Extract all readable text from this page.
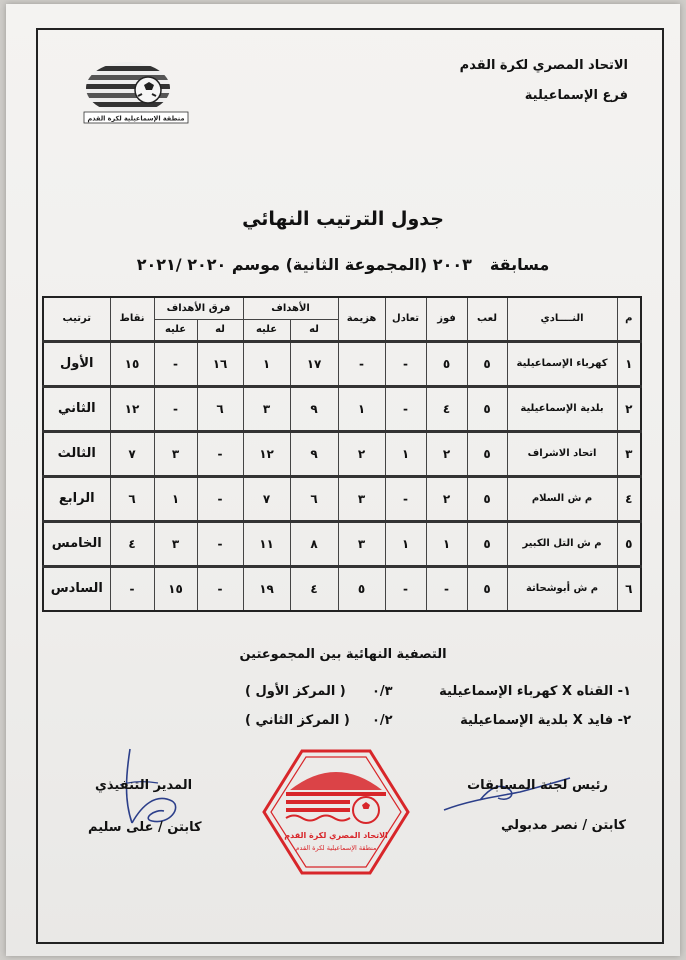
الاتحاد المصري لكرة القدم
فرع الإسماعيلية
منطقة الإسماعيلية لكرة القدم
جدول الترتيب النهائي
مسابقة٢٠٠٣ (المجموعة الثانية) موسم ٢٠٢٠ /٢٠٢١
م	النــــادي	لعب	فوز	تعادل	هزيمة	الأهداف		فرق الأهداف		نقاط	ترتيب
						له	عليه	له	عليه		
١	كهرباء الإسماعيلية	٥	٥	-	-	١٧	١	١٦	-	١٥	الأول
٢	بلدية الإسماعيلية	٥	٤	-	١	٩	٣	٦	-	١٢	الثاني
٣	اتحاد الاشراف	٥	٢	١	٢	٩	١٢	-	٣	٧	الثالث
٤	م ش السلام	٥	٢	-	٣	٦	٧	-	١	٦	الرابع
٥	م ش التل الكبير	٥	١	١	٣	٨	١١	-	٣	٤	الخامس
٦	م ش أبوشحاتة	٥	-	-	٥	٤	١٩	-	١٥	-	السادس
التصفية النهائية بين المجموعتين
١- القناه X كهرباء الإسماعيلية
٠/٣
( المركز الأول )
٢- فايد X بلدية الإسماعيلية
٠/٢
( المركز الثاني )
رئيس لجنة المسابقات
كابتن / نصر مدبولي
المدير التنفيذي
كابتن / على سليم
الاتحاد المصري لكرة القدم
منطقة الإسماعيلية لكرة القدم
